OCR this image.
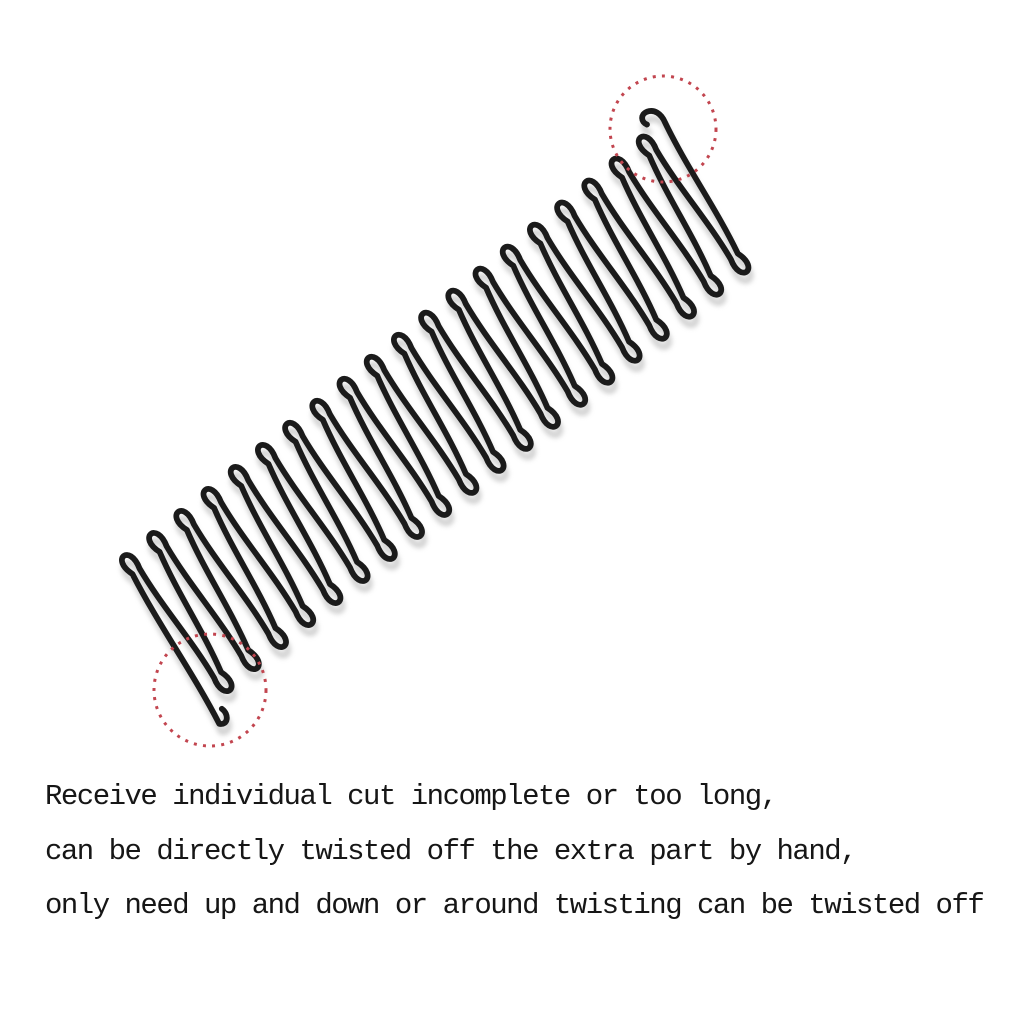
Receive individual cut incomplete or too long,
can be directly twisted off the extra part by hand,
only need up and down or around twisting can be twisted off
